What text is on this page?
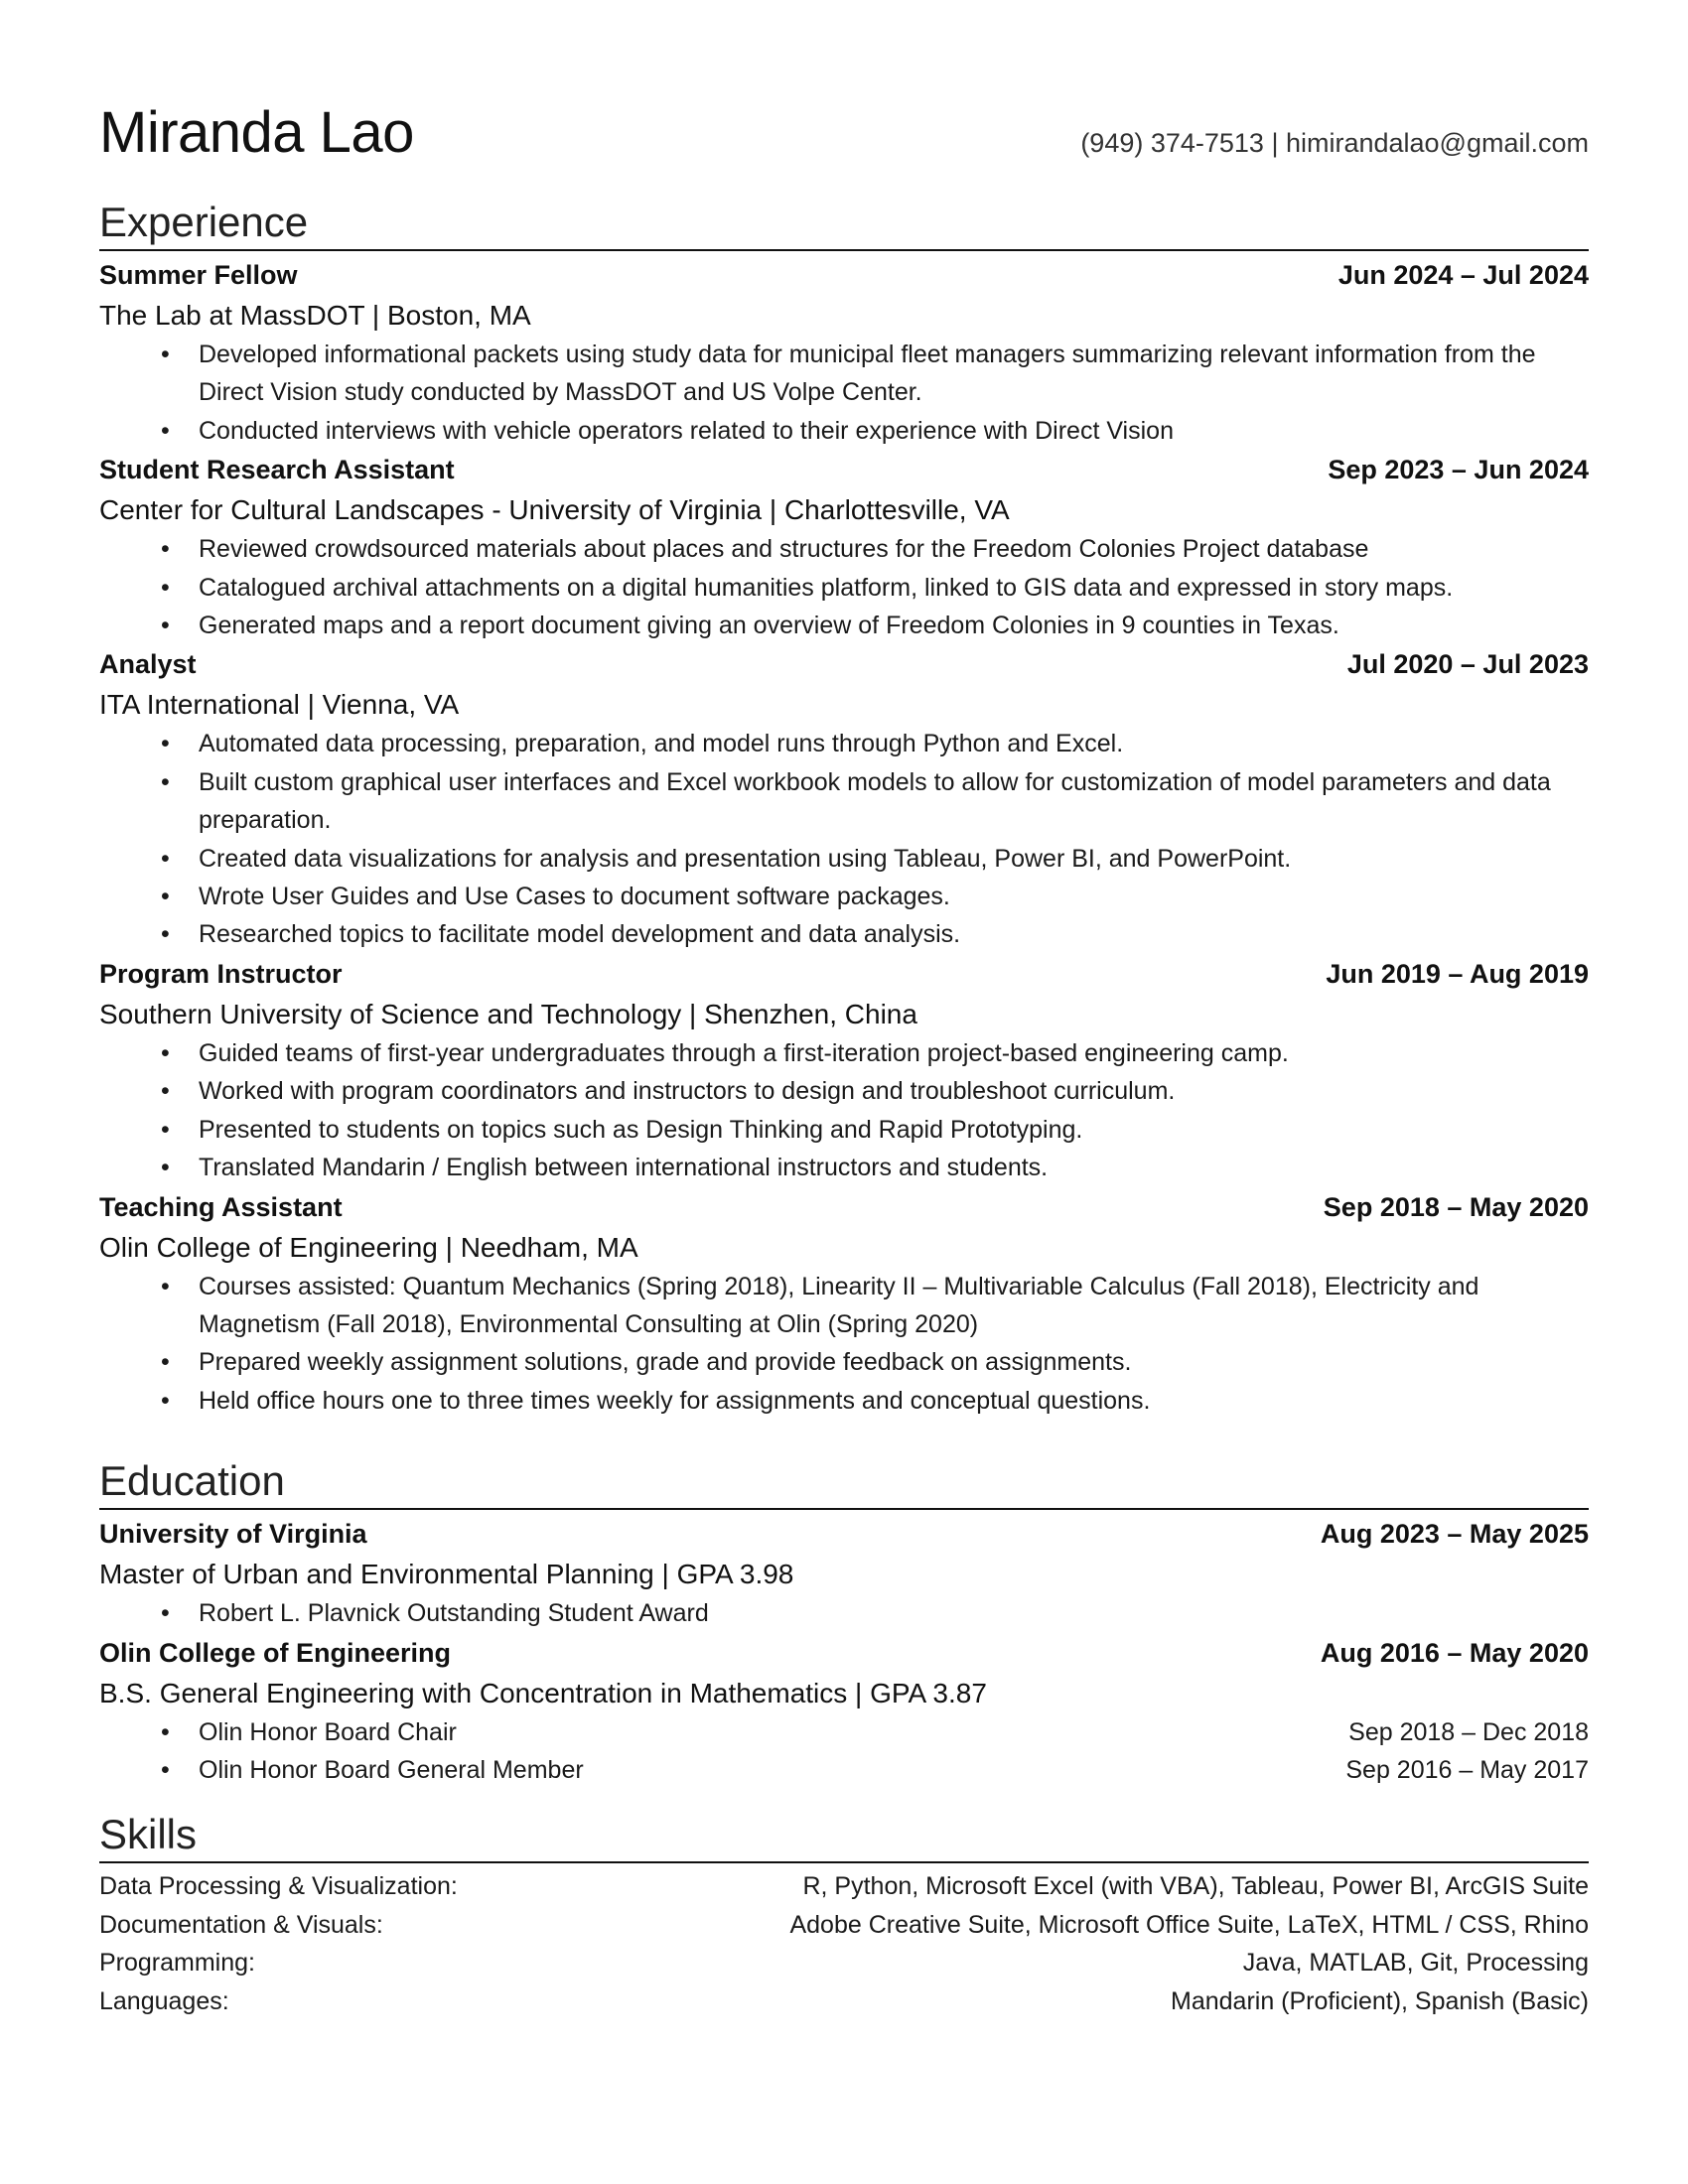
Miranda Lao	(949) 374-7513 | himirandalao@gmail.com
Experience
Summer Fellow	Jun 2024 – Jul 2024
The Lab at MassDOT | Boston, MA
• Developed informational packets using study data for municipal fleet managers summarizing relevant information from the Direct Vision study conducted by MassDOT and US Volpe Center.
• Conducted interviews with vehicle operators related to their experience with Direct Vision
Student Research Assistant	Sep 2023 – Jun 2024
Center for Cultural Landscapes - University of Virginia | Charlottesville, VA
• Reviewed crowdsourced materials about places and structures for the Freedom Colonies Project database
• Catalogued archival attachments on a digital humanities platform, linked to GIS data and expressed in story maps.
• Generated maps and a report document giving an overview of Freedom Colonies in 9 counties in Texas.
Analyst	Jul 2020 – Jul 2023
ITA International | Vienna, VA
• Automated data processing, preparation, and model runs through Python and Excel.
• Built custom graphical user interfaces and Excel workbook models to allow for customization of model parameters and data preparation.
• Created data visualizations for analysis and presentation using Tableau, Power BI, and PowerPoint.
• Wrote User Guides and Use Cases to document software packages.
• Researched topics to facilitate model development and data analysis.
Program Instructor	Jun 2019 – Aug 2019
Southern University of Science and Technology | Shenzhen, China
• Guided teams of first-year undergraduates through a first-iteration project-based engineering camp.
• Worked with program coordinators and instructors to design and troubleshoot curriculum.
• Presented to students on topics such as Design Thinking and Rapid Prototyping.
• Translated Mandarin / English between international instructors and students.
Teaching Assistant	Sep 2018 – May 2020
Olin College of Engineering | Needham, MA
• Courses assisted: Quantum Mechanics (Spring 2018), Linearity II – Multivariable Calculus (Fall 2018), Electricity and Magnetism (Fall 2018), Environmental Consulting at Olin (Spring 2020)
• Prepared weekly assignment solutions, grade and provide feedback on assignments.
• Held office hours one to three times weekly for assignments and conceptual questions.
Education
University of Virginia	Aug 2023 – May 2025
Master of Urban and Environmental Planning | GPA 3.98
• Robert L. Plavnick Outstanding Student Award
Olin College of Engineering	Aug 2016 – May 2020
B.S. General Engineering with Concentration in Mathematics | GPA 3.87
• Olin Honor Board Chair	Sep 2018 – Dec 2018
• Olin Honor Board General Member	Sep 2016 – May 2017
Skills
Data Processing & Visualization:	R, Python, Microsoft Excel (with VBA), Tableau, Power BI, ArcGIS Suite
Documentation & Visuals:	Adobe Creative Suite, Microsoft Office Suite, LaTeX, HTML / CSS, Rhino
Programming:	Java, MATLAB, Git, Processing
Languages:	Mandarin (Proficient), Spanish (Basic)
